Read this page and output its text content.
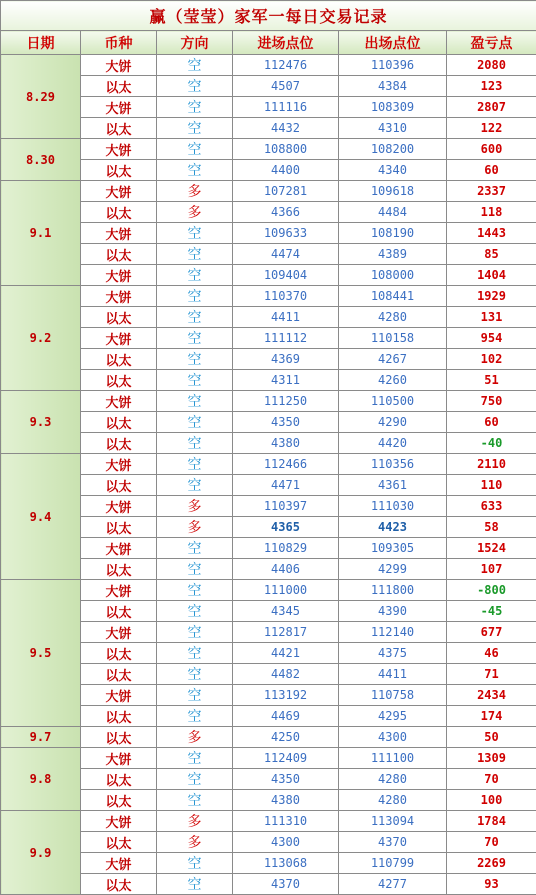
赢（莹莹）家军一每日交易记录					
日期	币种	方向	进场点位	出场点位	盈亏点
8.29	大饼	空	112476	110396	2080
	以太	空	4507	4384	123
	大饼	空	111116	108309	2807
	以太	空	4432	4310	122
8.30	大饼	空	108800	108200	600
	以太	空	4400	4340	60
9.1	大饼	多	107281	109618	2337
	以太	多	4366	4484	118
	大饼	空	109633	108190	1443
	以太	空	4474	4389	85
	大饼	空	109404	108000	1404
9.2	大饼	空	110370	108441	1929
	以太	空	4411	4280	131
	大饼	空	111112	110158	954
	以太	空	4369	4267	102
	以太	空	4311	4260	51
9.3	大饼	空	111250	110500	750
	以太	空	4350	4290	60
	以太	空	4380	4420	-40
9.4	大饼	空	112466	110356	2110
	以太	空	4471	4361	110
	大饼	多	110397	111030	633
	以太	多	4365	4423	58
	大饼	空	110829	109305	1524
	以太	空	4406	4299	107
9.5	大饼	空	111000	111800	-800
	以太	空	4345	4390	-45
	大饼	空	112817	112140	677
	以太	空	4421	4375	46
	以太	空	4482	4411	71
	大饼	空	113192	110758	2434
	以太	空	4469	4295	174
9.7	以太	多	4250	4300	50
9.8	大饼	空	112409	111100	1309
	以太	空	4350	4280	70
	以太	空	4380	4280	100
9.9	大饼	多	111310	113094	1784
	以太	多	4300	4370	70
	大饼	空	113068	110799	2269
	以太	空	4370	4277	93
